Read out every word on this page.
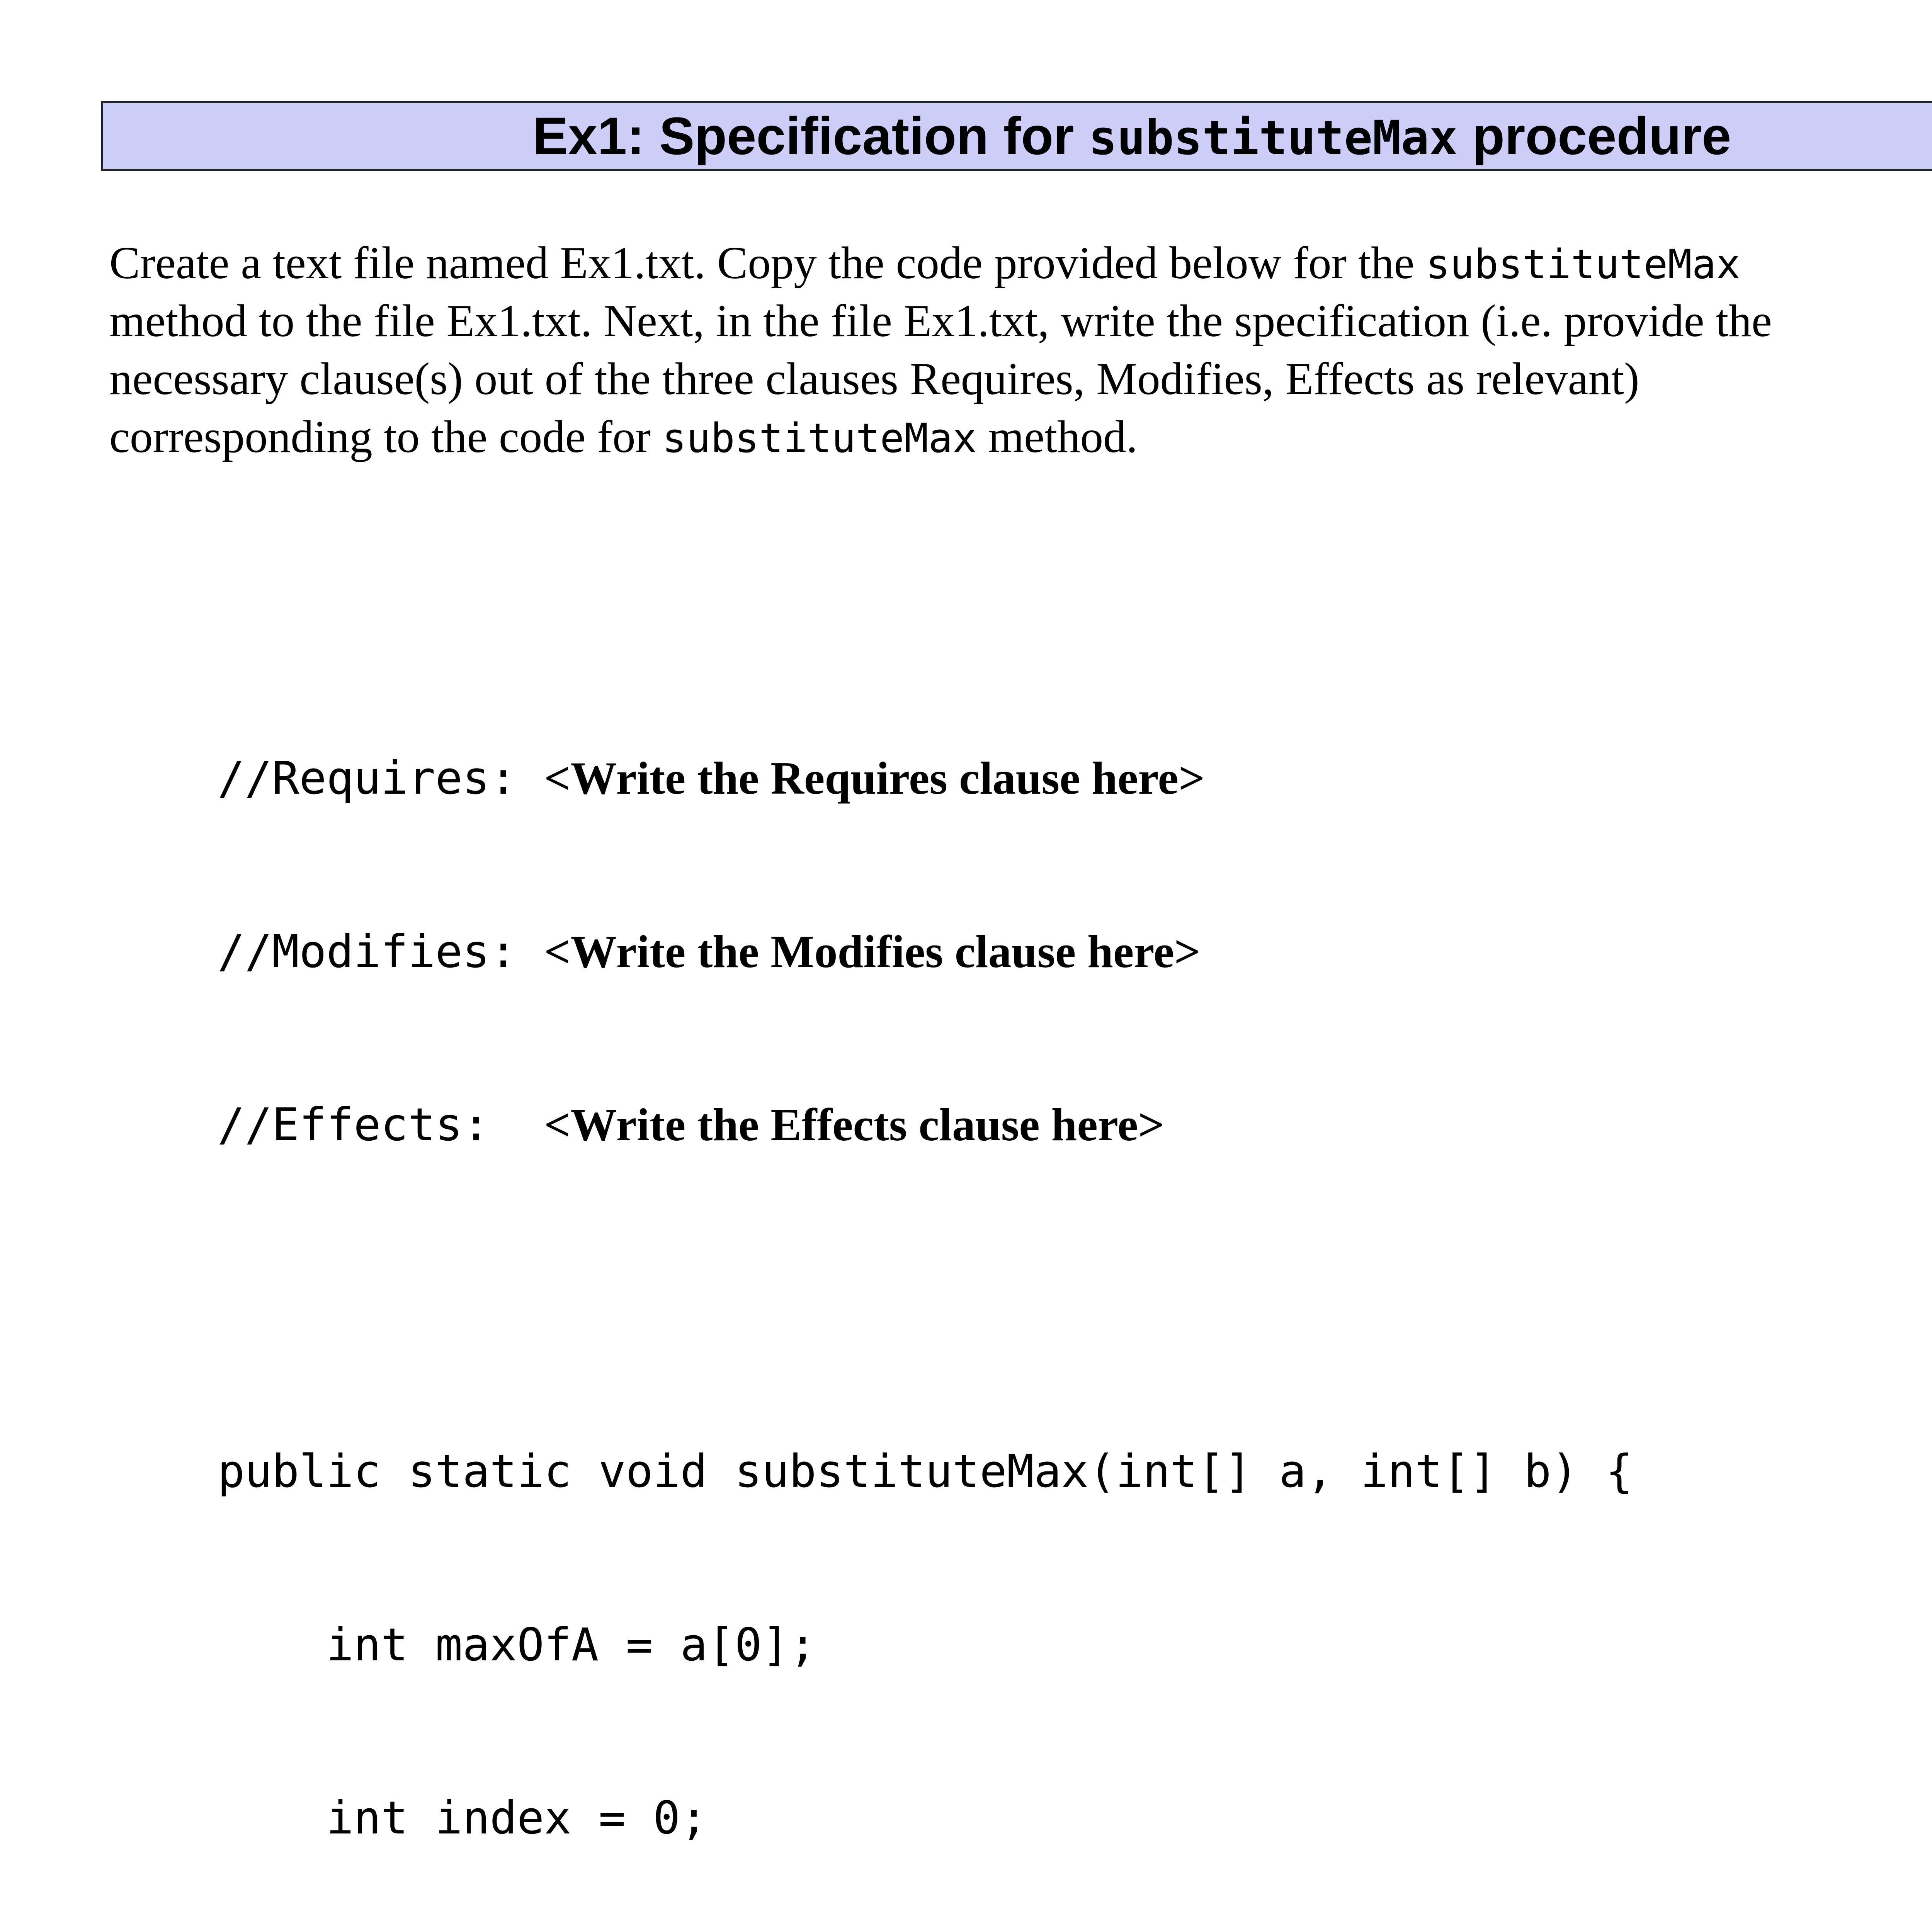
Ex1: Specification for substituteMax procedure
Create a text file named Ex1.txt. Copy the code provided below for the substituteMax
method to the file Ex1.txt. Next, in the file Ex1.txt, write the specification (i.e. provide the
necessary clause(s) out of the three clauses Requires, Modifies, Effects as relevant)
corresponding to the code for substituteMax method.

//Requires: <Write the Requires clause here>

//Modifies: <Write the Modifies clause here>

//Effects:  <Write the Effects clause here>

public static void substituteMax(int[] a, int[] b) {

int maxOfA = a[0];

int index = 0;
